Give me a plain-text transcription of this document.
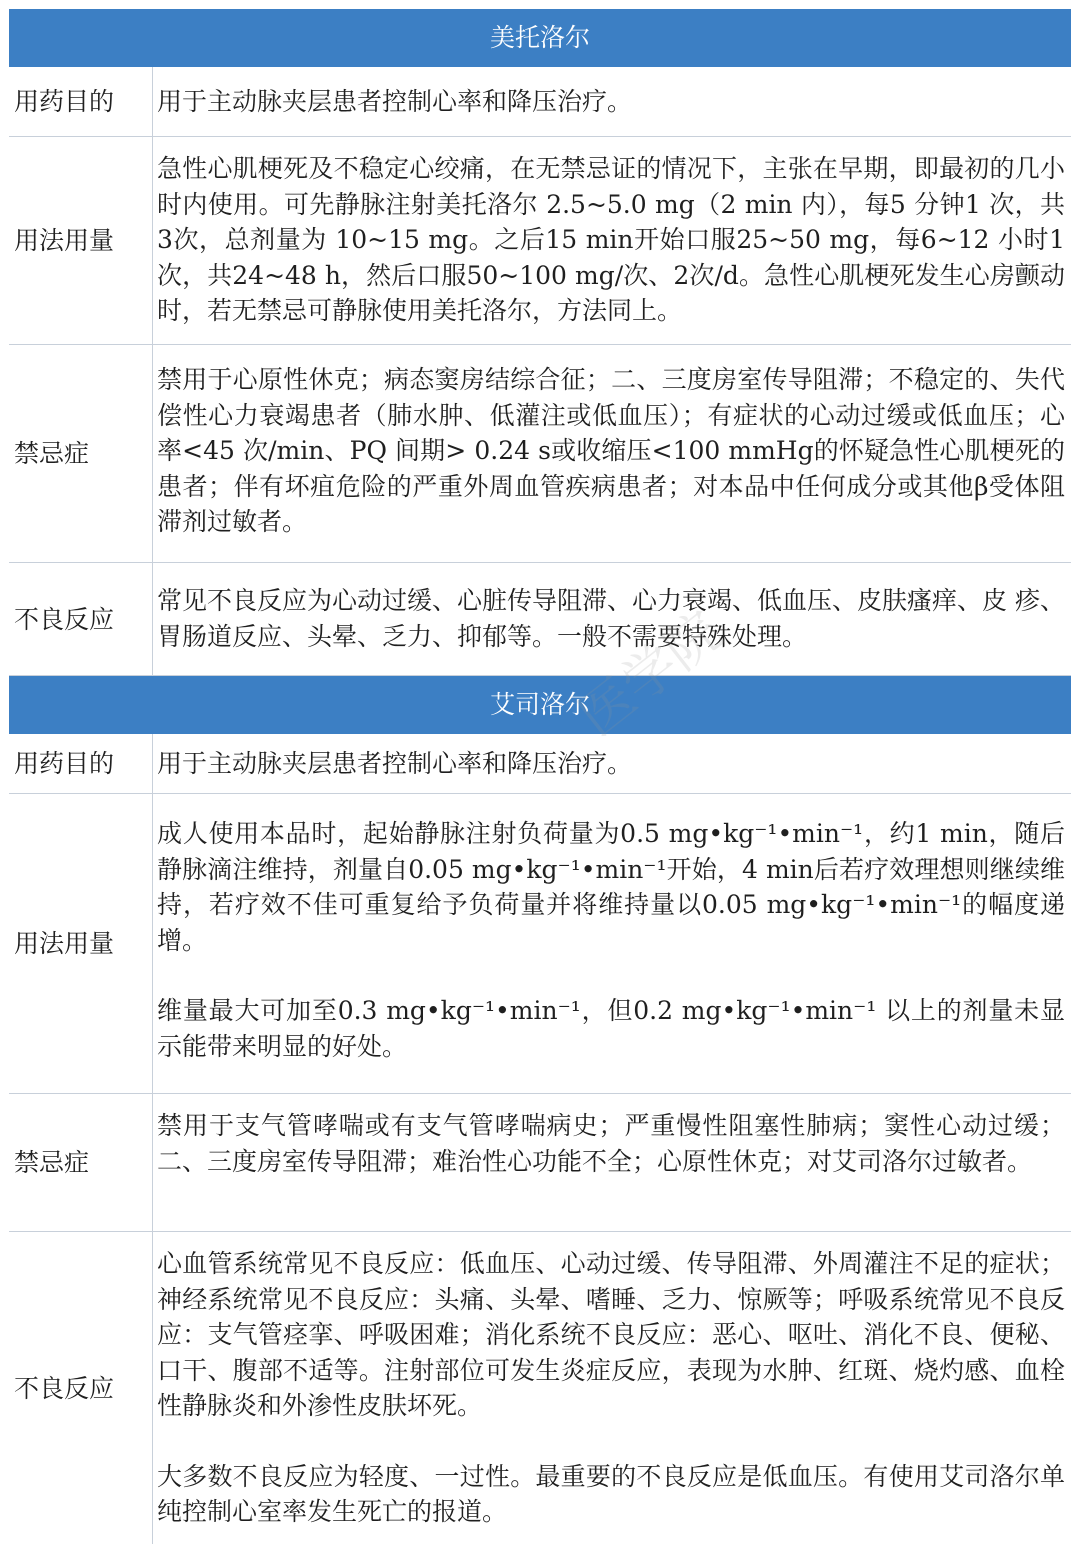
美托洛尔
用药目的	用于主动脉夹层患者控制心率和降压治疗。

用法用量

急性心肌梗死及不稳定心绞痛，在无禁忌证的情况下，主张在早期，即最初的几小时内使用。可先静脉注射美托洛尔 2.5~5.0 mg（2 min 内），每5 分钟1 次，共3次，总剂量为 10~15 mg。之后15 min开始口服25~50 mg，每6~12 小时1次，共24~48 h，然后口服50~100 mg/次、2次/d。急性心肌梗死发生心房颤动时，若无禁忌可静脉使用美托洛尔，方法同上。

禁忌症

禁用于心原性休克；病态窦房结综合征；二、三度房室传导阻滞；不稳定的、失代偿性心力衰竭患者（肺水肿、低灌注或低血压）；有症状的心动过缓或低血压；心率<45 次/min、PQ 间期> 0.24 s或收缩压<100 mmHg的怀疑急性心肌梗死的患者；伴有坏疽危险的严重外周血管疾病患者；对本品中任何成分或其他β受体阻滞剂过敏者。

不良反应

常见不良反应为心动过缓、心脏传导阻滞、心力衰竭、低血压、皮肤瘙痒、皮 疹、胃肠道反应、头晕、乏力、抑郁等。一般不需要特殊处理。

艾司洛尔
用药目的	用于主动脉夹层患者控制心率和降压治疗。

用法用量

成人使用本品时，起始静脉注射负荷量为0.5 mg•kg⁻¹•min⁻¹，约1 min，随后静脉滴注维持，剂量自0.05 mg•kg⁻¹•min⁻¹开始，4 min后若疗效理想则继续维持，若疗效不佳可重复给予负荷量并将维持量以0.05 mg•kg⁻¹•min⁻¹的幅度递增。

维量最大可加至0.3 mg•kg⁻¹•min⁻¹，但0.2 mg•kg⁻¹•min⁻¹ 以上的剂量未显示能带来明显的好处。

禁忌症

禁用于支气管哮喘或有支气管哮喘病史；严重慢性阻塞性肺病；窦性心动过缓；二、三度房室传导阻滞；难治性心功能不全；心原性休克；对艾司洛尔过敏者。

不良反应

心血管系统常见不良反应：低血压、心动过缓、传导阻滞、外周灌注不足的症状；神经系统常见不良反应：头痛、头晕、嗜睡、乏力、惊厥等；呼吸系统常见不良反应：支气管痉挛、呼吸困难；消化系统不良反应：恶心、呕吐、消化不良、便秘、口干、腹部不适等。注射部位可发生炎症反应，表现为水肿、红斑、烧灼感、血栓性静脉炎和外渗性皮肤坏死。

大多数不良反应为轻度、一过性。最重要的不良反应是低血压。有使用艾司洛尔单纯控制心室率发生死亡的报道。

医学院
